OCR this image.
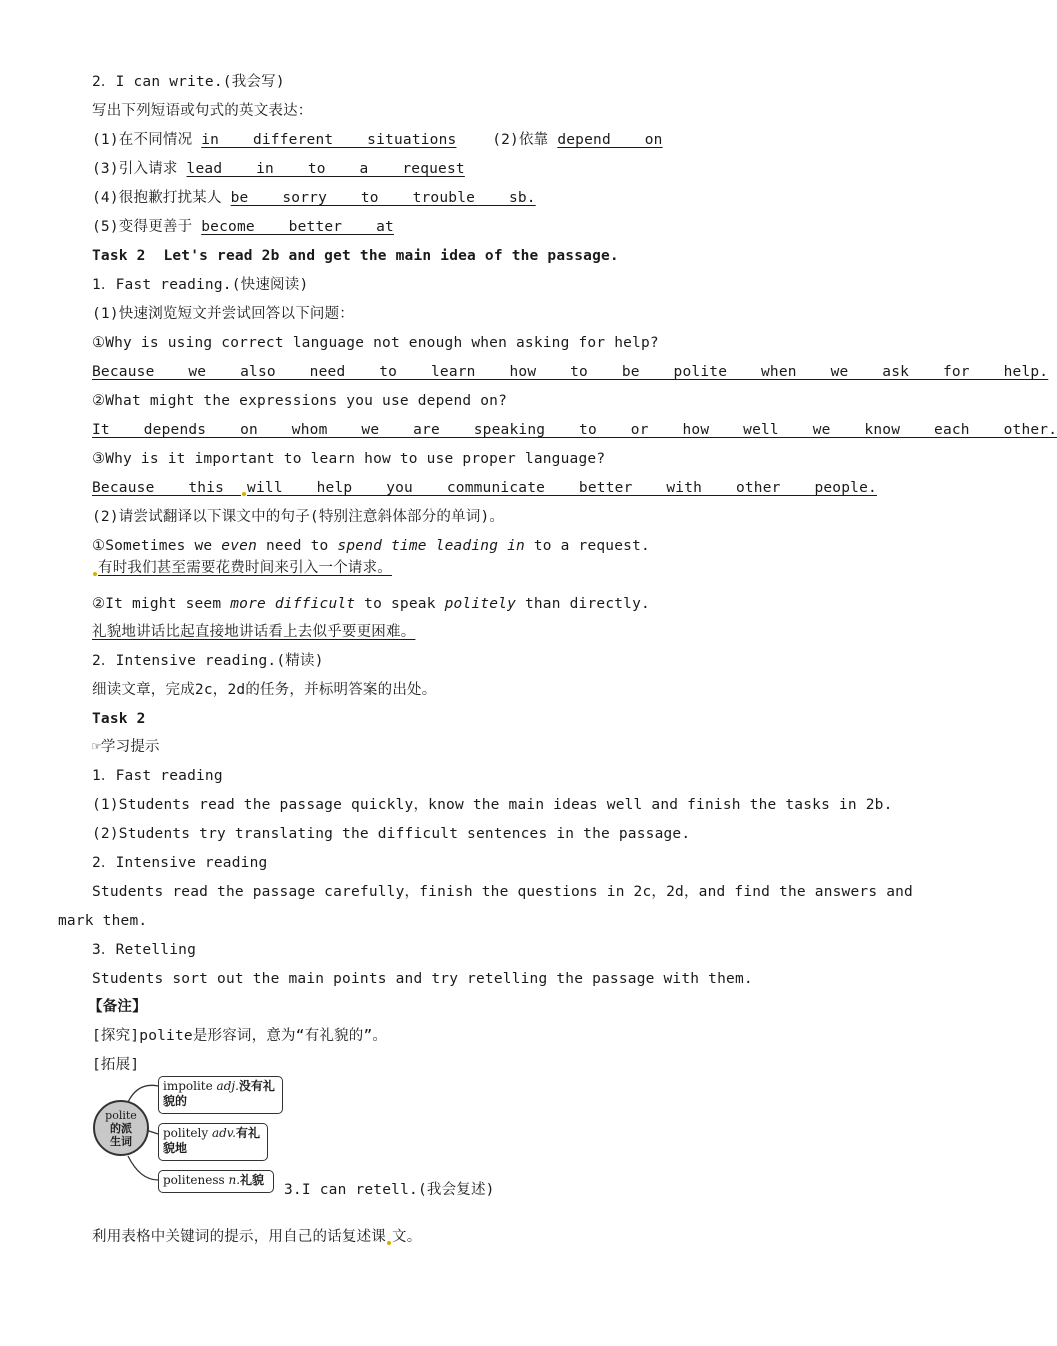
2．I can write.(我会写)
写出下列短语或句式的英文表达：
(1)在不同情况 in  different  situations    (2)依靠 depend  on
(3)引入请求 lead  in  to  a  request
(4)很抱歉打扰某人 be  sorry  to  trouble  sb.
(5)变得更善于 become  better  at
Task 2  Let's read 2b and get the main idea of the passage.
1．Fast reading.(快速阅读)
(1)快速浏览短文并尝试回答以下问题：
①Why is using correct language not enough when asking for help?
Because  we  also  need  to  learn  how  to  be  polite  when  we  ask  for  help.
②What might the expressions you use depend on?
It  depends  on  whom  we  are  speaking  to  or  how  well  we  know  each  other.
③Why is it important to learn how to use proper language?
Because  this will  help  you  communicate  better  with  other  people.
(2)请尝试翻译以下课文中的句子(特别注意斜体部分的单词)。
①Sometimes we even need to spend time leading in to a request.
有时我们甚至需要花费时间来引入一个请求。
②It might seem more difficult to speak politely than directly.
礼貌地讲话比起直接地讲话看上去似乎要更困难。
2．Intensive reading.(精读)
细读文章，完成2c，2d的任务，并标明答案的出处。
Task 2
☞学习提示
1．Fast reading
(1)Students read the passage quickly，know the main ideas well and finish the tasks in 2b.
(2)Students try translating the difficult sentences in the passage.
2．Intensive reading
Students read the passage carefully，finish the questions in 2c，2d，and find the answers and
mark them.
3．Retelling
Students sort out the main points and try retelling the passage with them.
【备注】
[探究]polite是形容词，意为“有礼貌的”。
[拓展]
polite
的派
生词
impolite adj.没有礼貌的
politely adv.有礼貌地
politeness n.礼貌
3.I can retell.(我会复述)
利用表格中关键词的提示，用自己的话复述课 文。
